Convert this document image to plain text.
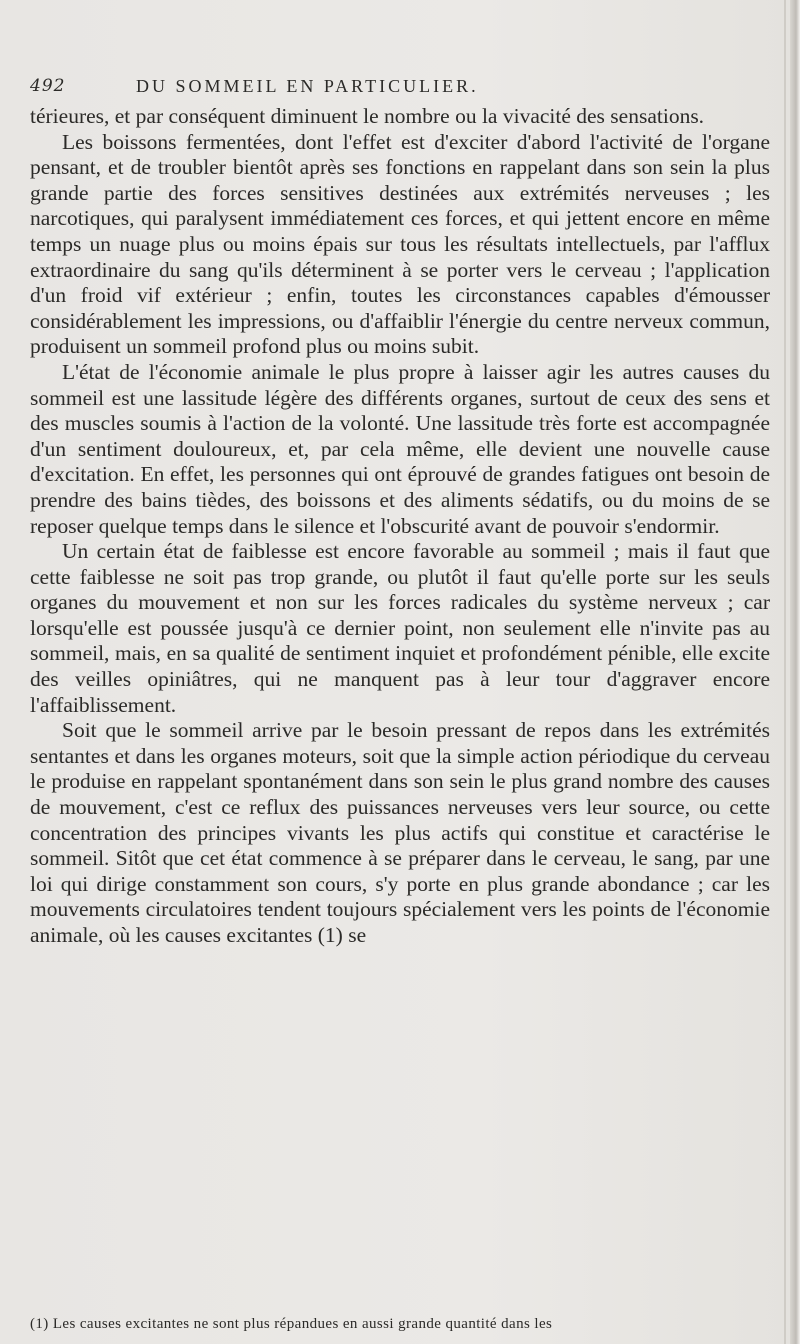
492	DU SOMMEIL EN PARTICULIER.

térieures, et par conséquent diminuent le nombre ou la vivacité des sensations.

Les boissons fermentées, dont l'effet est d'exciter d'abord l'activité de l'organe pensant, et de troubler bientôt après ses fonctions en rappelant dans son sein la plus grande partie des forces sensitives destinées aux extrémités nerveuses ; les narcotiques, qui paralysent immédiatement ces forces, et qui jettent encore en même temps un nuage plus ou moins épais sur tous les résultats intellectuels, par l'afflux extraordinaire du sang qu'ils déterminent à se porter vers le cerveau ; l'application d'un froid vif extérieur ; enfin, toutes les circonstances capables d'émousser considérablement les impressions, ou d'affaiblir l'énergie du centre nerveux commun, produisent un sommeil profond plus ou moins subit.

L'état de l'économie animale le plus propre à laisser agir les autres causes du sommeil est une lassitude légère des différents organes, surtout de ceux des sens et des muscles soumis à l'action de la volonté. Une lassitude très forte est accompagnée d'un sentiment douloureux, et, par cela même, elle devient une nouvelle cause d'excitation. En effet, les personnes qui ont éprouvé de grandes fatigues ont besoin de prendre des bains tièdes, des boissons et des aliments sédatifs, ou du moins de se reposer quelque temps dans le silence et l'obscurité avant de pouvoir s'endormir.

Un certain état de faiblesse est encore favorable au sommeil ; mais il faut que cette faiblesse ne soit pas trop grande, ou plutôt il faut qu'elle porte sur les seuls organes du mouvement et non sur les forces radicales du système nerveux ; car lorsqu'elle est poussée jusqu'à ce dernier point, non seulement elle n'invite pas au sommeil, mais, en sa qualité de sentiment inquiet et profondément pénible, elle excite des veilles opiniâtres, qui ne manquent pas à leur tour d'aggraver encore l'affaiblissement.

Soit que le sommeil arrive par le besoin pressant de repos dans les extrémités sentantes et dans les organes moteurs, soit que la simple action périodique du cerveau le produise en rappelant spontanément dans son sein le plus grand nombre des causes de mouvement, c'est ce reflux des puissances nerveuses vers leur source, ou cette concentration des principes vivants les plus actifs qui constitue et caractérise le sommeil. Sitôt que cet état commence à se préparer dans le cerveau, le sang, par une loi qui dirige constamment son cours, s'y porte en plus grande abondance ; car les mouvements circulatoires tendent toujours spécialement vers les points de l'économie animale, où les causes excitantes (1) se

(1) Les causes excitantes ne sont plus répandues en aussi grande quantité dans les
